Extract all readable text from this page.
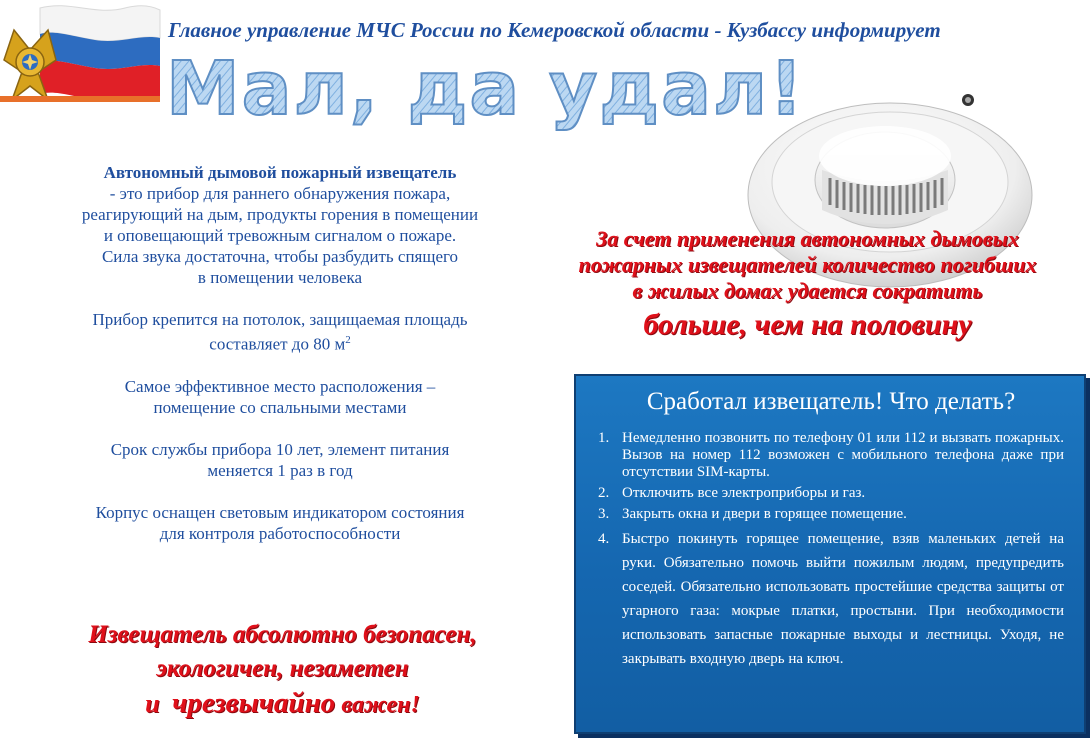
Главное управление МЧС России по Кемеровской области - Кузбассу информирует
Мал, да удал!
Автономный дымовой пожарный извещатель
- это прибор для раннего обнаружения пожара,
реагирующий на дым, продукты горения в помещении
и оповещающий тревожным сигналом о пожаре.
Сила звука достаточна, чтобы разбудить спящего
в помещении человека

Прибор крепится на потолок, защищаемая площадь
составляет до 80 $м^2$

Самое эффективное место расположения –
помещение со спальными местами

Срок службы прибора 10 лет, элемент питания
меняется 1 раз в год

Корпус оснащен световым индикатором состояния
для контроля работоспособности

Извещатель абсолютно безопасен,
экологичен, незаметен
и чрезвычайно важен!
За счет применения автономных дымовых
пожарных извещателей количество погибших
в жилых домах удается сократить
больше, чем на половину
Сработал извещатель! Что делать?
1. Немедленно позвонить по телефону 01 или 112 и вызвать пожарных. Вызов на номер 112 возможен с мобильного телефона даже при отсутствии SIM-карты.
2. Отключить все электроприборы и газ.
3. Закрыть окна и двери в горящее помещение.
4. Быстро покинуть горящее помещение, взяв маленьких детей на руки. Обязательно помочь выйти пожилым людям, предупредить соседей. Обязательно использовать простейшие средства защиты от угарного газа: мокрые платки, простыни. При необходимости использовать запасные пожарные выходы и лестницы. Уходя, не закрывать входную дверь на ключ.
